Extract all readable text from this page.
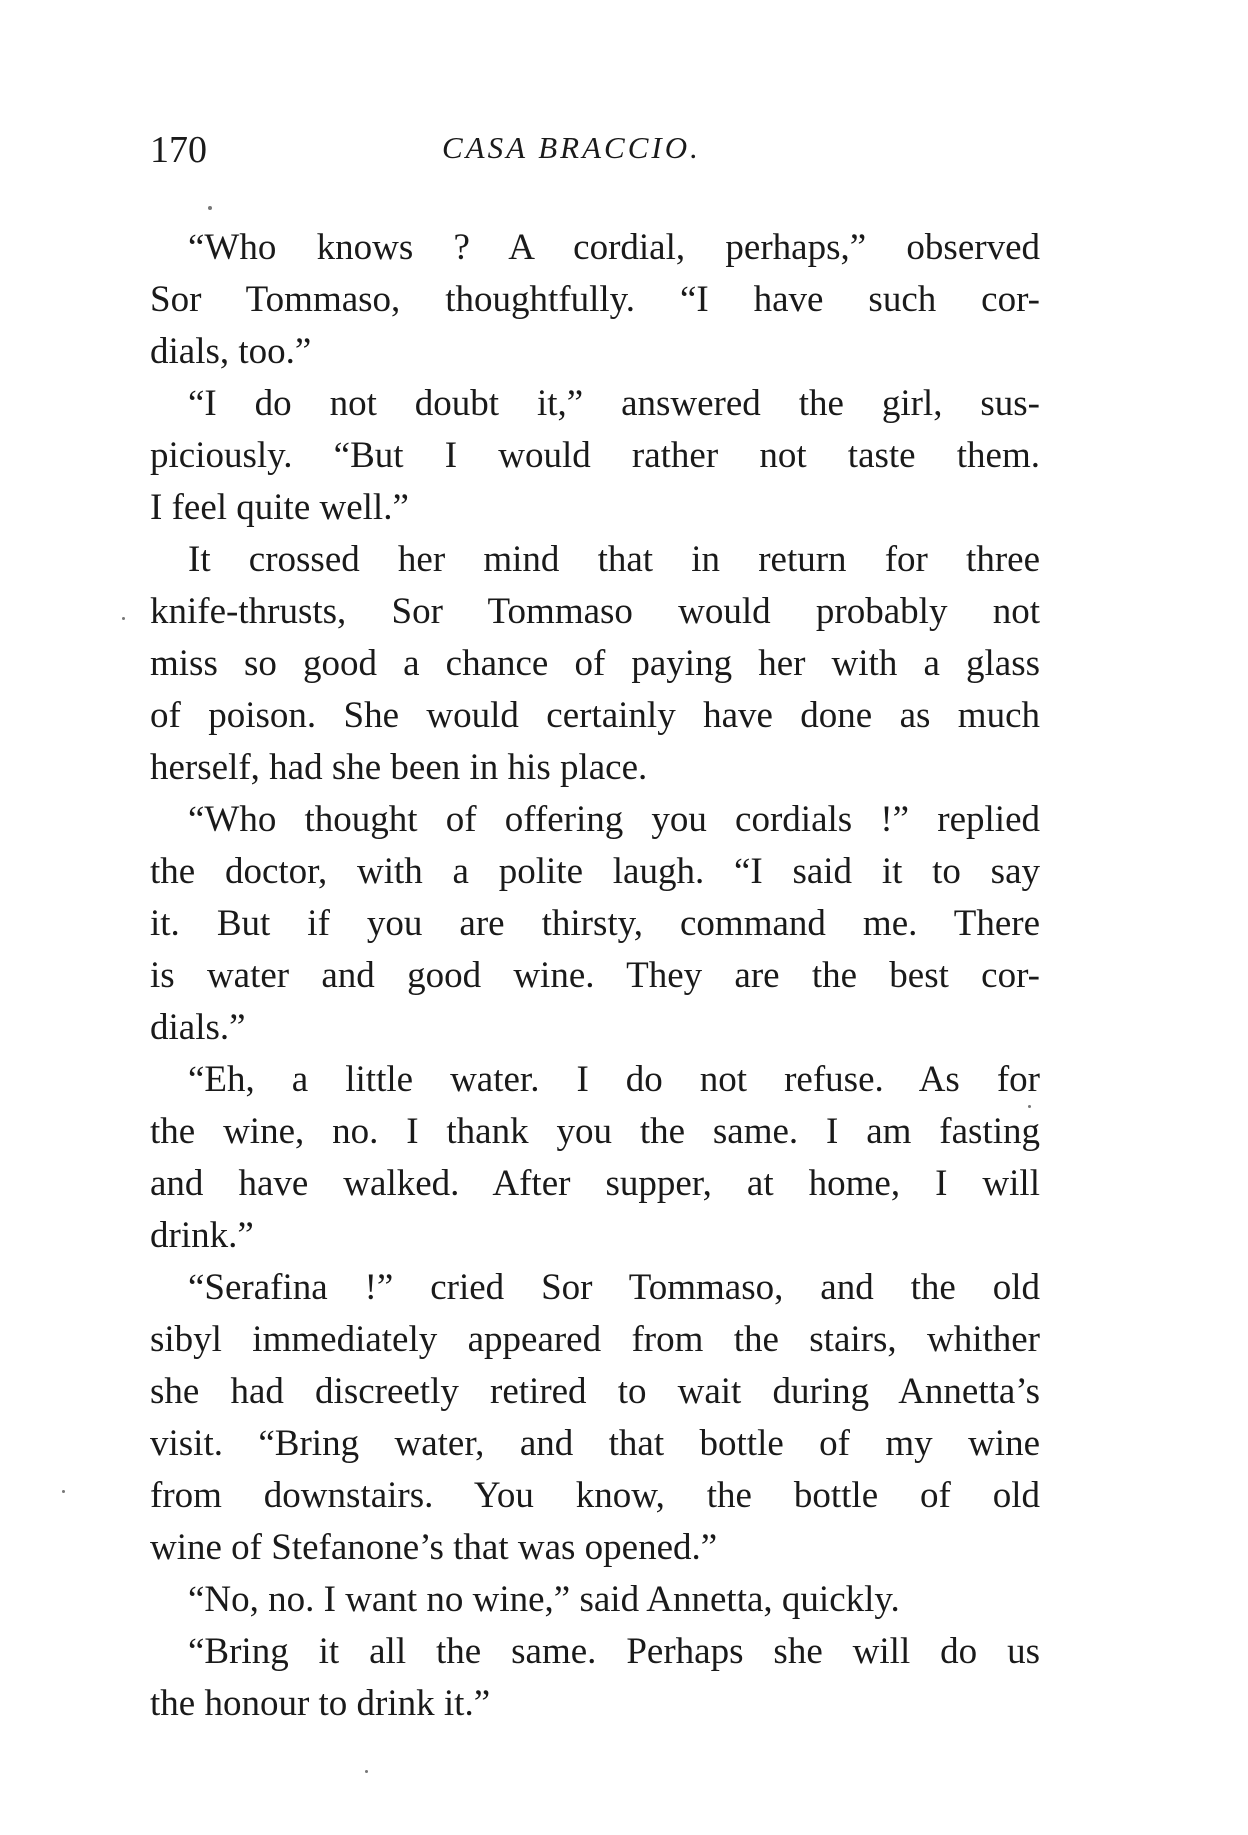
170	CASA BRACCIO.
“Who knows ? A cordial, perhaps,” observed
Sor Tommaso, thoughtfully. “I have such cor-
dials, too.”
“I do not doubt it,” answered the girl, sus-
piciously. “But I would rather not taste them.
I feel quite well.”
It crossed her mind that in return for three
knife-thrusts, Sor Tommaso would probably not
miss so good a chance of paying her with a glass
of poison. She would certainly have done as much
herself, had she been in his place.
“Who thought of offering you cordials !” replied
the doctor, with a polite laugh. “I said it to say
it. But if you are thirsty, command me. There
is water and good wine. They are the best cor-
dials.”
“Eh, a little water. I do not refuse. As for
the wine, no. I thank you the same. I am fasting
and have walked. After supper, at home, I will
drink.”
“Serafina !” cried Sor Tommaso, and the old
sibyl immediately appeared from the stairs, whither
she had discreetly retired to wait during Annetta’s
visit. “Bring water, and that bottle of my wine
from downstairs. You know, the bottle of old
wine of Stefanone’s that was opened.”
“No, no. I want no wine,” said Annetta, quickly.
“Bring it all the same. Perhaps she will do us
the honour to drink it.”
